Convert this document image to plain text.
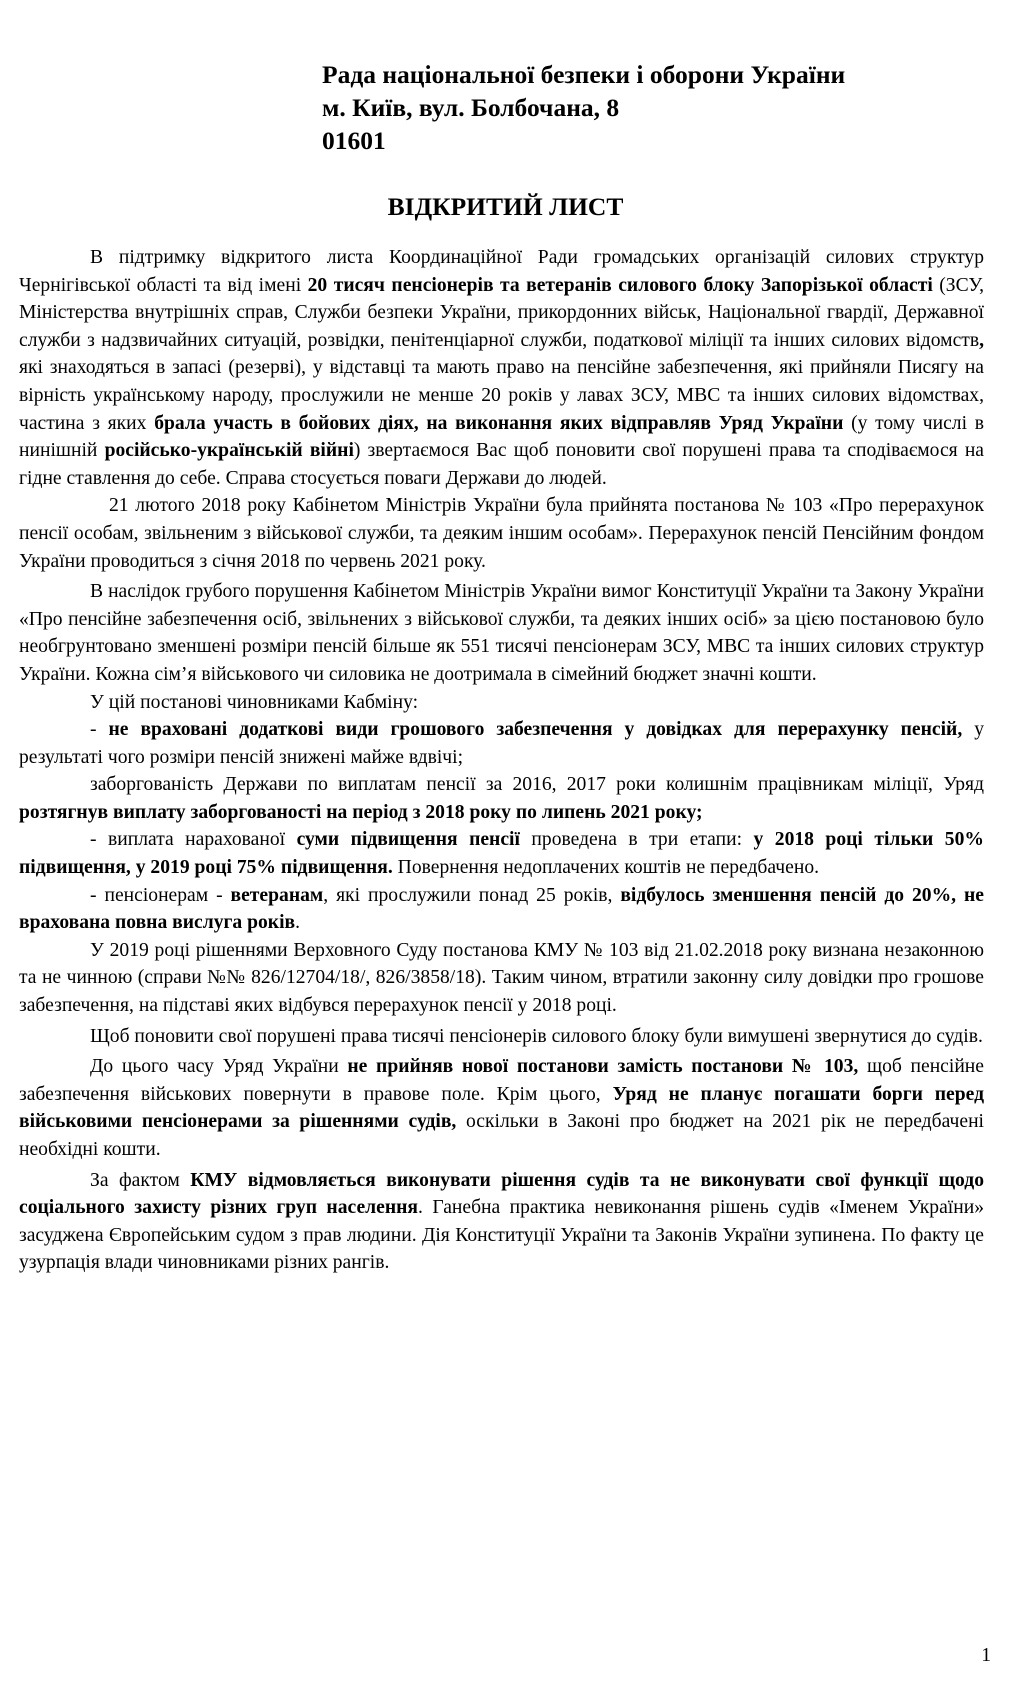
Рада національної безпеки і оборони України
м. Київ, вул. Болбочана, 8
01601
ВІДКРИТИЙ ЛИСТ

В підтримку відкритого листа Координаційної Ради громадських організацій силових структур Чернігівської області та від імені 20 тисяч пенсіонерів та ветеранів силового блоку Запорізької області (ЗСУ, Міністерства внутрішніх справ, Служби безпеки України, прикордонних військ, Національної гвардії, Державної служби з надзвичайних ситуацій, розвідки, пенітенціарної служби, податкової міліції та інших силових відомств, які знаходяться в запасі (резерві), у відставці та мають право на пенсійне забезпечення, які прийняли Писягу на вірність українському народу, прослужили не менше 20 років у лавах ЗСУ, МВС та інших силових відомствах, частина з яких брала участь в бойових діях, на виконання яких відправляв Уряд України (у тому числі в нинішній російсько-українській війні) звертаємося Вас щоб поновити свої порушені права та сподіваємося на гідне ставлення до себе. Справа стосується поваги Держави до людей.

21 лютого 2018 року Кабінетом Міністрів України була прийнята постанова № 103 «Про перерахунок пенсії особам, звільненим з військової служби, та деяким іншим особам». Перерахунок пенсій Пенсійним фондом України проводиться з січня 2018 по червень 2021 року.

В наслідок грубого порушення Кабінетом Міністрів України вимог Конституції України та Закону України «Про пенсійне забезпечення осіб, звільнених з військової служби, та деяких інших осіб» за цією постановою було необгрунтовано зменшені розміри пенсій більше як 551 тисячі пенсіонерам ЗСУ, МВС та інших силових структур України. Кожна сім’я військового чи силовика не доотримала в сімейний бюджет значні кошти.

У цій постанові чиновниками Кабміну:

- не враховані додаткові види грошового забезпечення у довідках для перерахунку пенсій, у результаті чого розміри пенсій знижені майже вдвічі;

заборгованість Держави по виплатам пенсії за 2016, 2017 роки колишнім працівникам міліції, Уряд розтягнув виплату заборгованості на період з 2018 року по липень 2021 року;

- виплата нарахованої суми підвищення пенсії проведена в три етапи: у 2018 році тільки 50% підвищення, у 2019 році 75% підвищення. Повернення недоплачених коштів не передбачено.

- пенсіонерам - ветеранам, які прослужили понад 25 років, відбулось зменшення пенсій до 20%, не врахована повна вислуга років.

У 2019 році рішеннями Верховного Суду постанова КМУ № 103 від 21.02.2018 року визнана незаконною та не чинною (справи №№ 826/12704/18/, 826/3858/18). Таким чином, втратили законну силу довідки про грошове забезпечення, на підставі яких відбувся перерахунок пенсії у 2018 році.

Щоб поновити свої порушені права тисячі пенсіонерів силового блоку були вимушені звернутися до судів.

До цього часу Уряд України не прийняв нової постанови замість постанови № 103, щоб пенсійне забезпечення військових повернути в правове поле. Крім цього, Уряд не планує погашати борги перед військовими пенсіонерами за рішеннями судів, оскільки в Законі про бюджет на 2021 рік не передбачені необхідні кошти.

За фактом КМУ відмовляється виконувати рішення судів та не виконувати свої функції щодо соціального захисту різних груп населення. Ганебна практика невиконання рішень судів «Іменем України» засуджена Європейським судом з прав людини. Дія Конституції України та Законів України зупинена. По факту це узурпація влади чиновниками різних рангів.

1
